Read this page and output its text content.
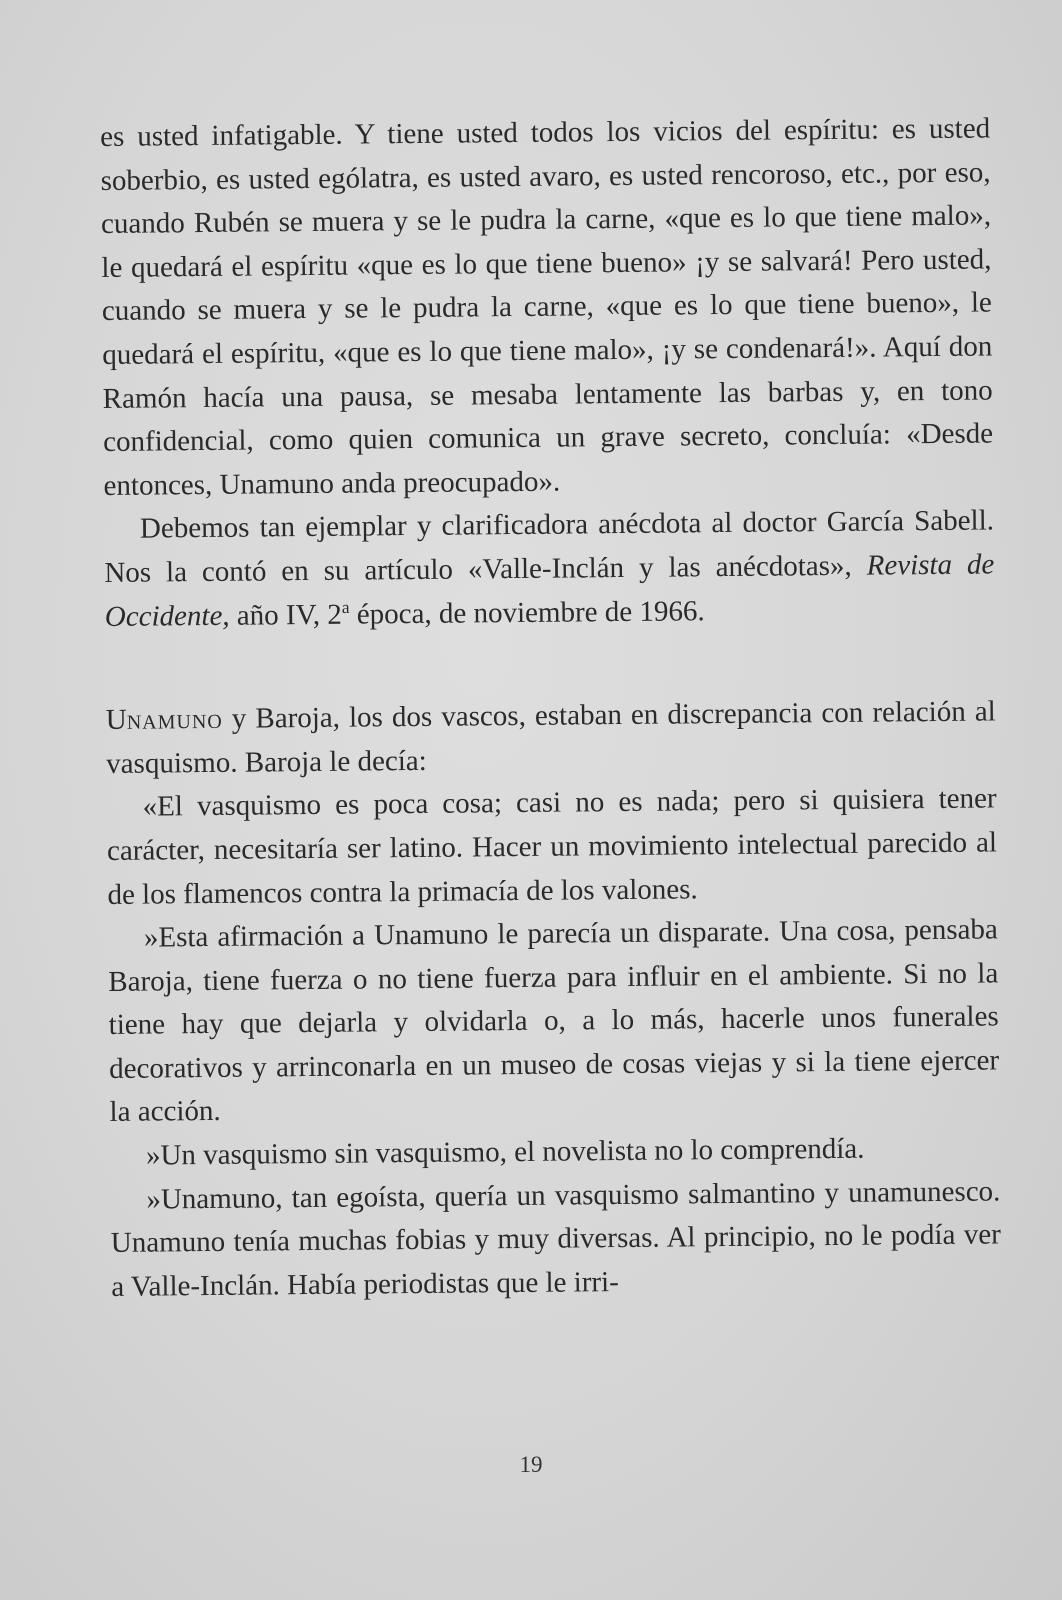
es usted infatigable. Y tiene usted todos los vicios del espíritu: es usted soberbio, es usted ególatra, es usted avaro, es usted rencoroso, etc., por eso, cuando Rubén se muera y se le pudra la carne, «que es lo que tiene malo», le quedará el espíritu «que es lo que tiene bueno» ¡y se salvará! Pero usted, cuando se muera y se le pudra la carne, «que es lo que tiene bueno», le quedará el espíritu, «que es lo que tiene malo», ¡y se condenará!». Aquí don Ramón hacía una pausa, se mesaba lentamente las barbas y, en tono confidencial, como quien comunica un grave secreto, concluía: «Desde entonces, Unamuno anda preocupado».

Debemos tan ejemplar y clarificadora anécdota al doctor García Sabell. Nos la contó en su artículo «Valle-Inclán y las anécdotas», Revista de Occidente, año IV, 2$^a$ época, de noviembre de 1966.

Unamuno y Baroja, los dos vascos, estaban en discrepancia con relación al vasquismo. Baroja le decía:

«El vasquismo es poca cosa; casi no es nada; pero si quisiera tener carácter, necesitaría ser latino. Hacer un movimiento intelectual parecido al de los flamencos contra la primacía de los valones.

»Esta afirmación a Unamuno le parecía un disparate. Una cosa, pensaba Baroja, tiene fuerza o no tiene fuerza para influir en el ambiente. Si no la tiene hay que dejarla y olvidarla o, a lo más, hacerle unos funerales decorativos y arrinconarla en un museo de cosas viejas y si la tiene ejercer la acción.

»Un vasquismo sin vasquismo, el novelista no lo comprendía.

»Unamuno, tan egoísta, quería un vasquismo salmantino y unamunesco. Unamuno tenía muchas fobias y muy diversas. Al principio, no le podía ver a Valle-Inclán. Había periodistas que le irri-

19
